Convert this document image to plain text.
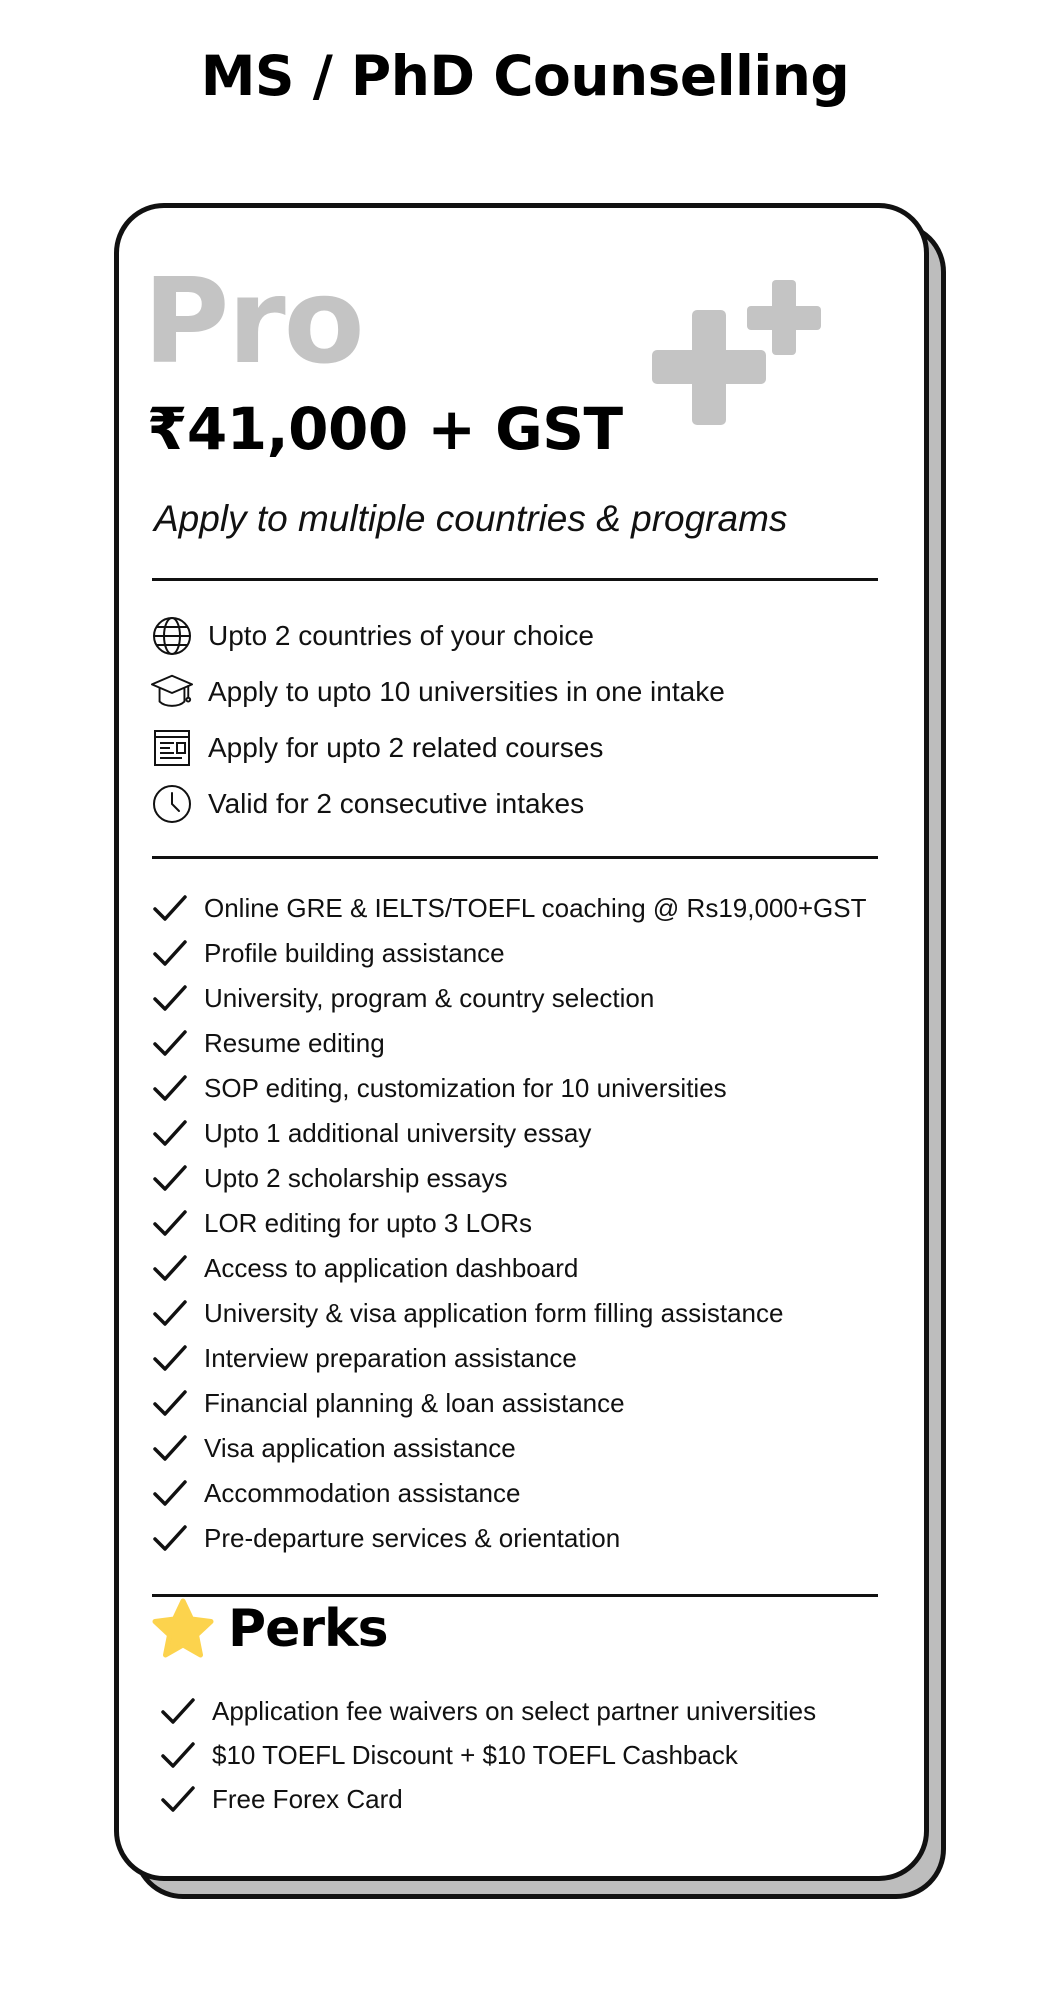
MS / PhD Counselling
Pro
₹41,000 + GST
Apply to multiple countries & programs
Upto 2 countries of your choice
Apply to upto 10 universities in one intake
Apply for upto 2 related courses
Valid for 2 consecutive intakes
Online GRE & IELTS/TOEFL coaching @ Rs19,000+GST
Profile building assistance
University, program & country selection
Resume editing
SOP editing, customization for 10 universities
Upto 1 additional university essay
Upto 2 scholarship essays
LOR editing for upto 3 LORs
Access to application dashboard
University & visa application form filling assistance
Interview preparation assistance
Financial planning & loan assistance
Visa application assistance
Accommodation assistance
Pre-departure services & orientation
Perks
Application fee waivers on select partner universities
$10 TOEFL Discount + $10 TOEFL Cashback
Free Forex Card
